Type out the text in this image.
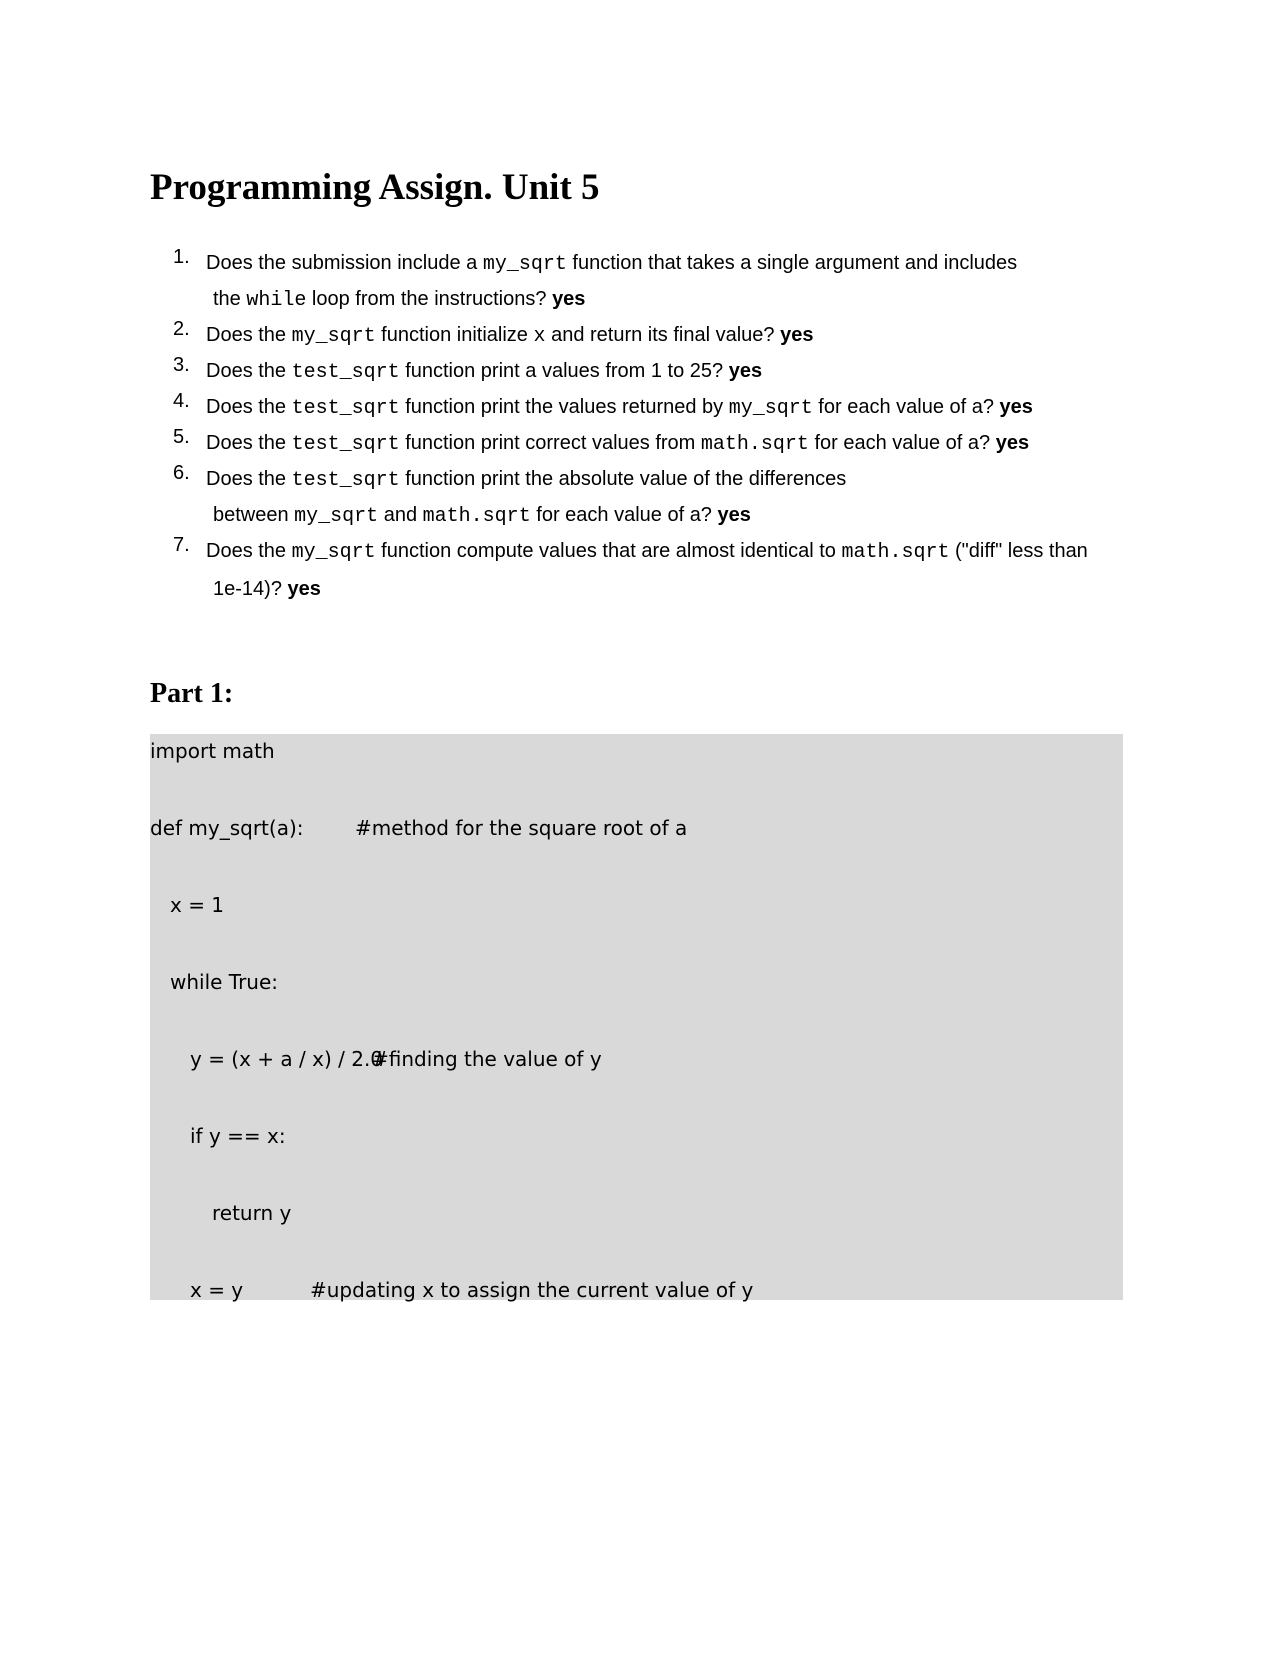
Programming Assign. Unit 5
1. Does the submission include a my_sqrt function that takes a single argument and includes
the while loop from the instructions? yes
2. Does the my_sqrt function initialize x and return its final value? yes
3. Does the test_sqrt function print a values from 1 to 25? yes
4. Does the test_sqrt function print the values returned by my_sqrt for each value of a? yes
5. Does the test_sqrt function print correct values from math.sqrt for each value of a? yes
6. Does the test_sqrt function print the absolute value of the differences
between my_sqrt and math.sqrt for each value of a? yes
7. Does the my_sqrt function compute values that are almost identical to math.sqrt ("diff" less than
1e-14)? yes
Part 1:
import math
def my_sqrt(a):	#method for the square root of a
x = 1
while True:
y = (x + a / x) / 2.0
#finding the value of y
if y == x:
return y
x = y	#updating x to assign the current value of y
